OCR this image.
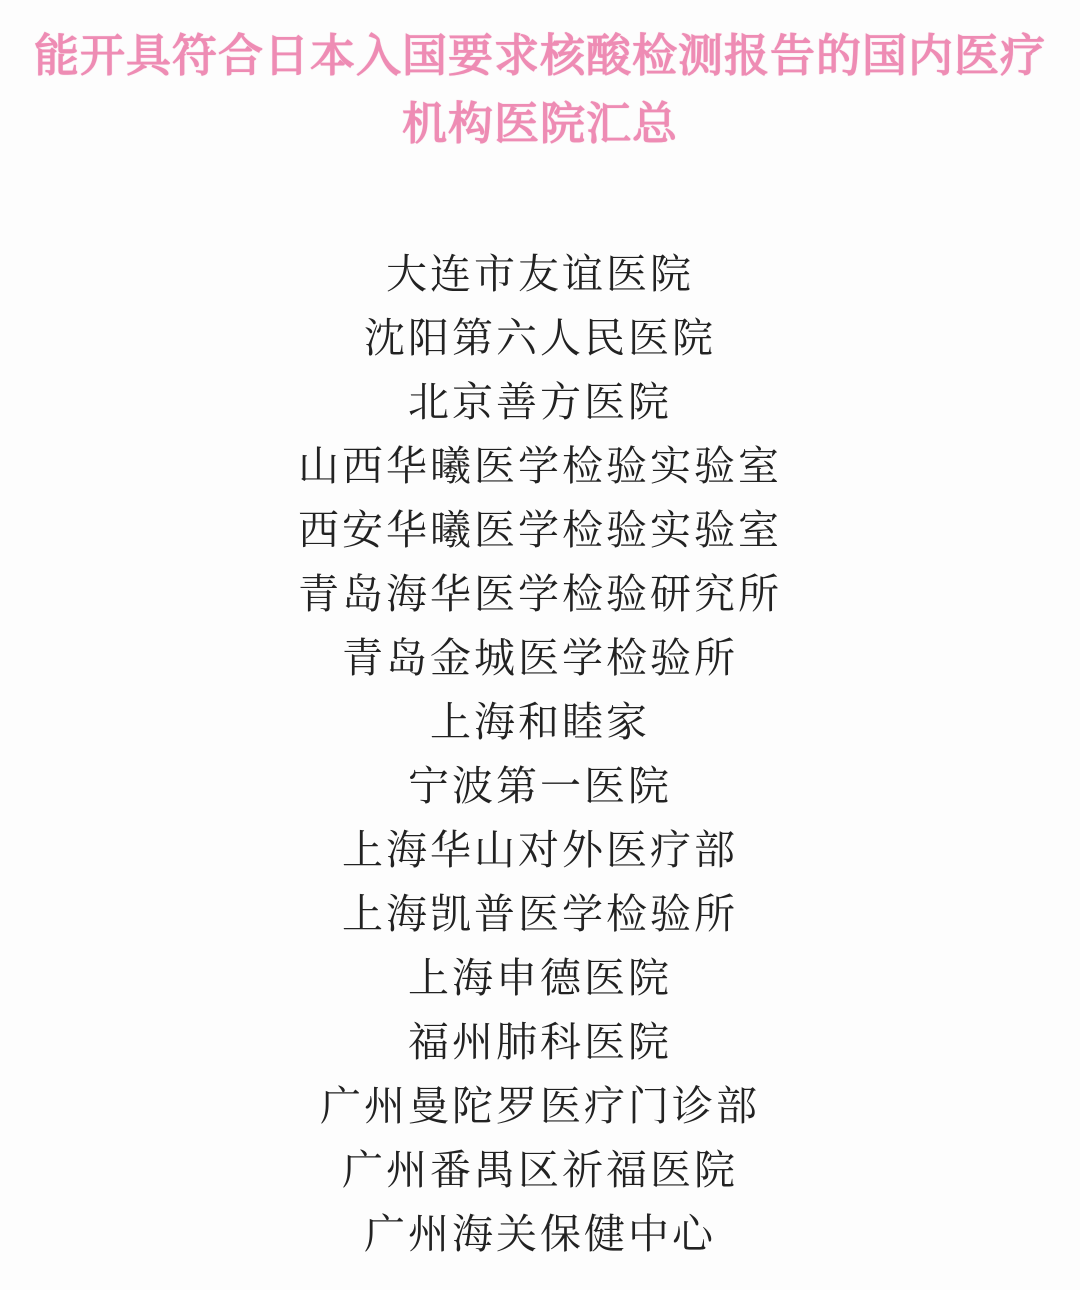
能开具符合日本入国要求核酸检测报告的国内医疗
机构医院汇总
大连市友谊医院
沈阳第六人民医院
北京善方医院
山西华曦医学检验实验室
西安华曦医学检验实验室
青岛海华医学检验研究所
青岛金城医学检验所
上海和睦家
宁波第一医院
上海华山对外医疗部
上海凯普医学检验所
上海申德医院
福州肺科医院
广州曼陀罗医疗门诊部
广州番禺区祈福医院
广州海关保健中心
